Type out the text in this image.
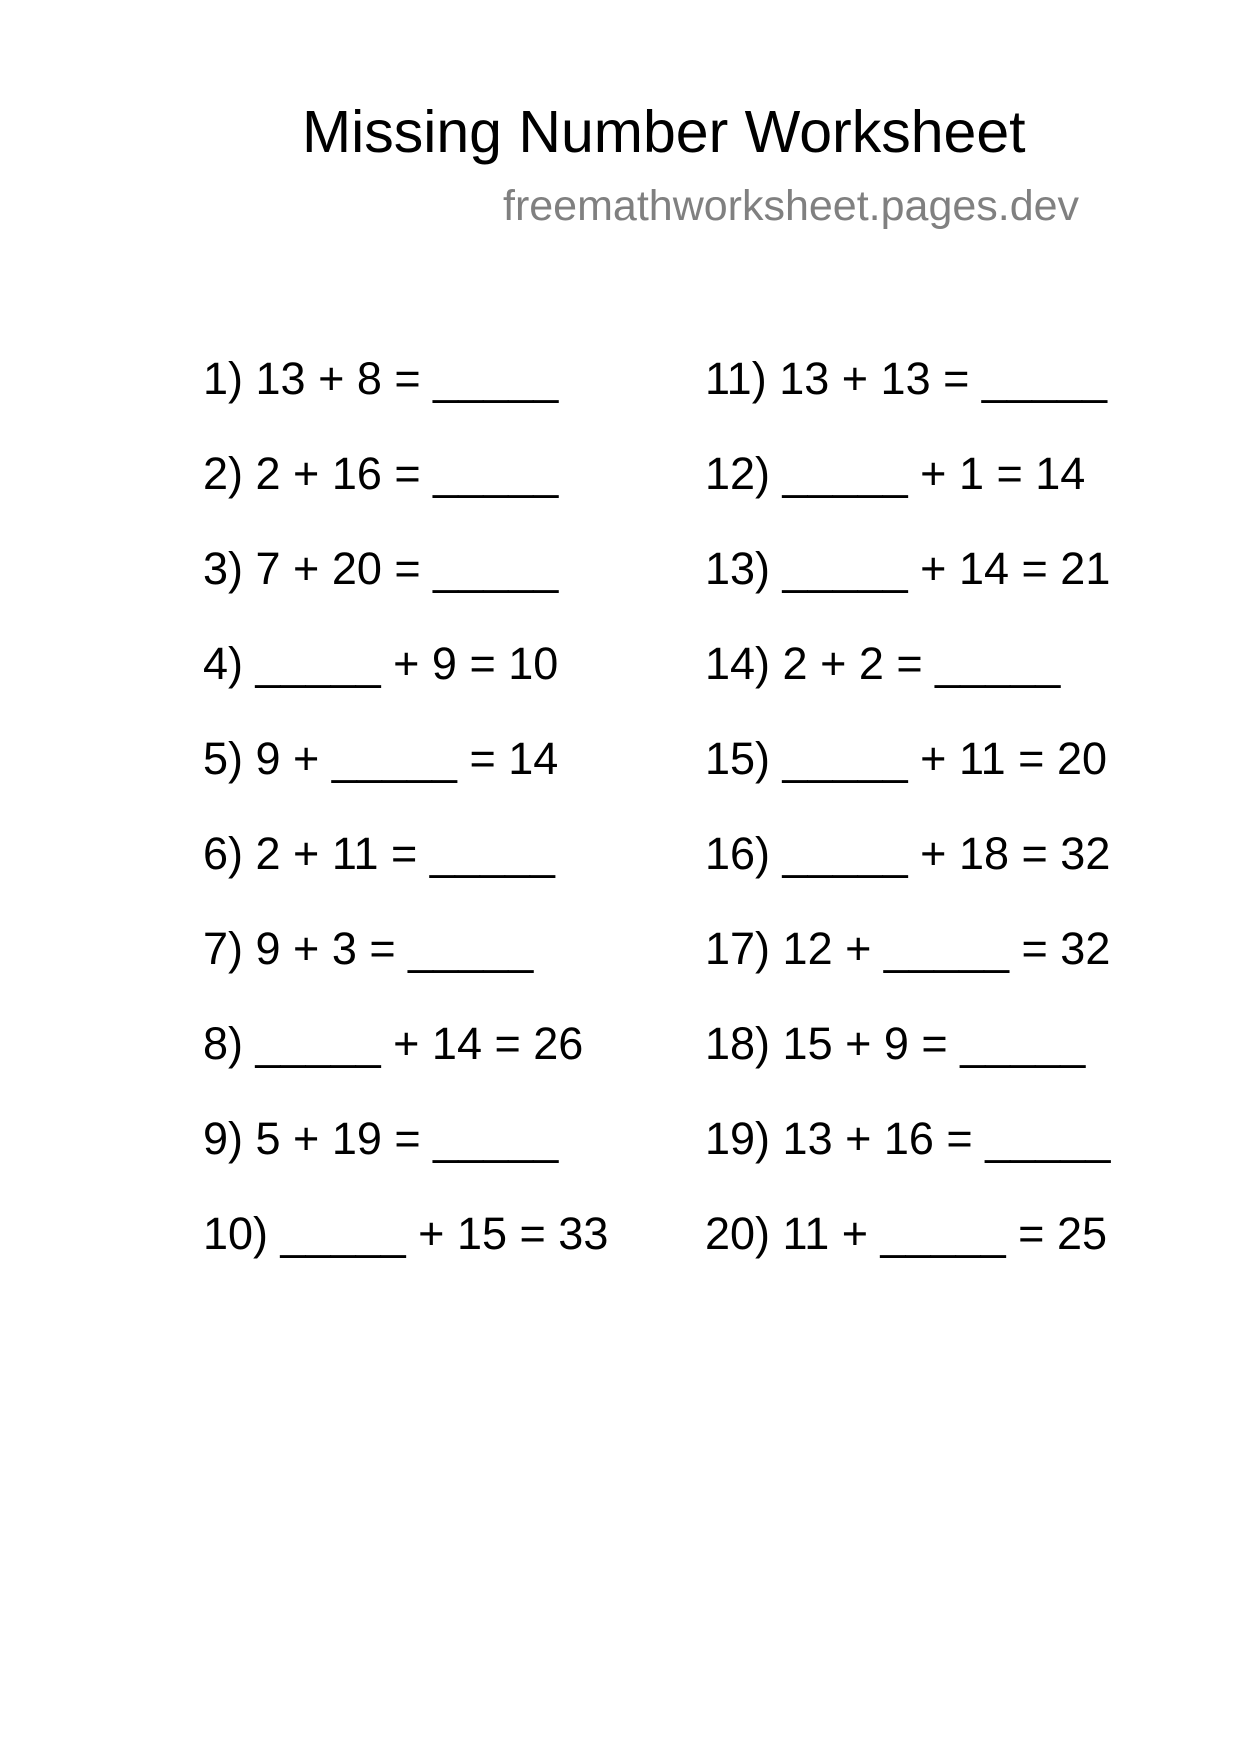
Missing Number Worksheet
freemathworksheet.pages.dev
1) 13 + 8 = _____
2) 2 + 16 = _____
3) 7 + 20 = _____
4) _____ + 9 = 10
5) 9 + _____ = 14
6) 2 + 11 = _____
7) 9 + 3 = _____
8) _____ + 14 = 26
9) 5 + 19 = _____
10) _____ + 15 = 33
11) 13 + 13 = _____
12) _____ + 1 = 14
13) _____ + 14 = 21
14) 2 + 2 = _____
15) _____ + 11 = 20
16) _____ + 18 = 32
17) 12 + _____ = 32
18) 15 + 9 = _____
19) 13 + 16 = _____
20) 11 + _____ = 25
